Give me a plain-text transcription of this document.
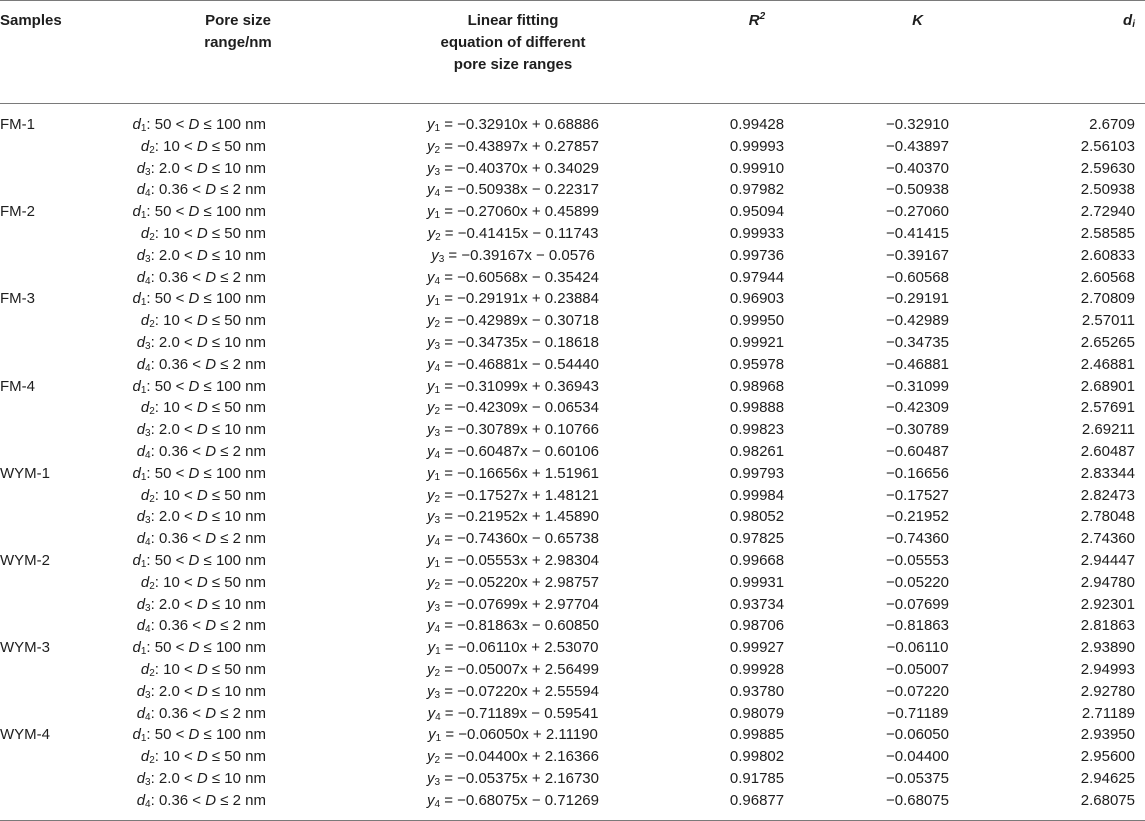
Samples	Pore size range/nm	Linear fitting equation of different pore size ranges	$R^2$	K	$d_i$
FM-1	$d_1$: 50 < D ≤ 100 nm	$y_1 = -0.32910x + 0.68886$	0.99428	−0.32910	2.6709
	$d_2$: 10 < D ≤ 50 nm	$y_2 = -0.43897x + 0.27857$	0.99993	−0.43897	2.56103
	$d_3$: 2.0 < D ≤ 10 nm	$y_3 = -0.40370x + 0.34029$	0.99910	−0.40370	2.59630
	$d_4$: 0.36 < D ≤ 2 nm	$y_4 = -0.50938x - 0.22317$	0.97982	−0.50938	2.50938
FM-2	$d_1$: 50 < D ≤ 100 nm	$y_1 = -0.27060x + 0.45899$	0.95094	−0.27060	2.72940
	$d_2$: 10 < D ≤ 50 nm	$y_2 = -0.41415x - 0.11743$	0.99933	−0.41415	2.58585
	$d_3$: 2.0 < D ≤ 10 nm	$y_3 = -0.39167x - 0.0576$	0.99736	−0.39167	2.60833
	$d_4$: 0.36 < D ≤ 2 nm	$y_4 = -0.60568x - 0.35424$	0.97944	−0.60568	2.60568
FM-3	$d_1$: 50 < D ≤ 100 nm	$y_1 = -0.29191x + 0.23884$	0.96903	−0.29191	2.70809
	$d_2$: 10 < D ≤ 50 nm	$y_2 = -0.42989x - 0.30718$	0.99950	−0.42989	2.57011
	$d_3$: 2.0 < D ≤ 10 nm	$y_3 = -0.34735x - 0.18618$	0.99921	−0.34735	2.65265
	$d_4$: 0.36 < D ≤ 2 nm	$y_4 = -0.46881x - 0.54440$	0.95978	−0.46881	2.46881
FM-4	$d_1$: 50 < D ≤ 100 nm	$y_1 = -0.31099x + 0.36943$	0.98968	−0.31099	2.68901
	$d_2$: 10 < D ≤ 50 nm	$y_2 = -0.42309x - 0.06534$	0.99888	−0.42309	2.57691
	$d_3$: 2.0 < D ≤ 10 nm	$y_3 = -0.30789x + 0.10766$	0.99823	−0.30789	2.69211
	$d_4$: 0.36 < D ≤ 2 nm	$y_4 = -0.60487x - 0.60106$	0.98261	−0.60487	2.60487
WYM-1	$d_1$: 50 < D ≤ 100 nm	$y_1 = -0.16656x + 1.51961$	0.99793	−0.16656	2.83344
	$d_2$: 10 < D ≤ 50 nm	$y_2 = -0.17527x + 1.48121$	0.99984	−0.17527	2.82473
	$d_3$: 2.0 < D ≤ 10 nm	$y_3 = -0.21952x + 1.45890$	0.98052	−0.21952	2.78048
	$d_4$: 0.36 < D ≤ 2 nm	$y_4 = -0.74360x - 0.65738$	0.97825	−0.74360	2.74360
WYM-2	$d_1$: 50 < D ≤ 100 nm	$y_1 = -0.05553x + 2.98304$	0.99668	−0.05553	2.94447
	$d_2$: 10 < D ≤ 50 nm	$y_2 = -0.05220x + 2.98757$	0.99931	−0.05220	2.94780
	$d_3$: 2.0 < D ≤ 10 nm	$y_3 = -0.07699x + 2.97704$	0.93734	−0.07699	2.92301
	$d_4$: 0.36 < D ≤ 2 nm	$y_4 = -0.81863x - 0.60850$	0.98706	−0.81863	2.81863
WYM-3	$d_1$: 50 < D ≤ 100 nm	$y_1 = -0.06110x + 2.53070$	0.99927	−0.06110	2.93890
	$d_2$: 10 < D ≤ 50 nm	$y_2 = -0.05007x + 2.56499$	0.99928	−0.05007	2.94993
	$d_3$: 2.0 < D ≤ 10 nm	$y_3 = -0.07220x + 2.55594$	0.93780	−0.07220	2.92780
	$d_4$: 0.36 < D ≤ 2 nm	$y_4 = -0.71189x - 0.59541$	0.98079	−0.71189	2.71189
WYM-4	$d_1$: 50 < D ≤ 100 nm	$y_1 = -0.06050x + 2.11190$	0.99885	−0.06050	2.93950
	$d_2$: 10 < D ≤ 50 nm	$y_2 = -0.04400x + 2.16366$	0.99802	−0.04400	2.95600
	$d_3$: 2.0 < D ≤ 10 nm	$y_3 = -0.05375x + 2.16730$	0.91785	−0.05375	2.94625
	$d_4$: 0.36 < D ≤ 2 nm	$y_4 = -0.68075x - 0.71269$	0.96877	−0.68075	2.68075
